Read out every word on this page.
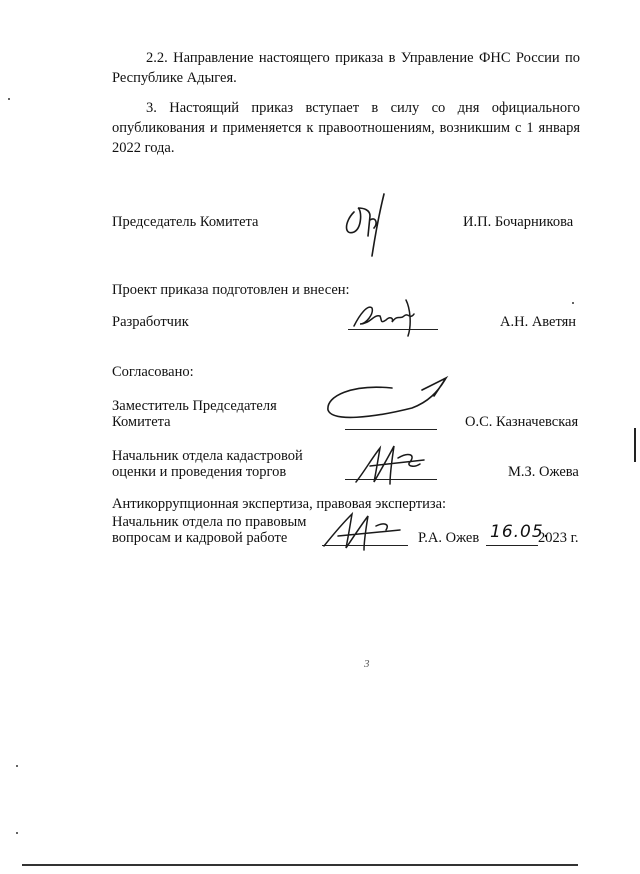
2.2. Направление настоящего приказа в Управление ФНС России по Республике Адыгея.
3. Настоящий приказ вступает в силу со дня официального опубликования и применяется к правоотношениям, возникшим с 1 января 2022 года.
Председатель Комитета	И.П. Бочарникова
Проект приказа подготовлен и внесен:
Разработчик	А.Н. Аветян
Согласовано:
Заместитель Председателя
Комитета	О.С. Казначевская
Начальник отдела кадастровой
оценки и проведения торгов	М.З. Ожева
Антикоррупционная экспертиза, правовая экспертиза:
Начальник отдела по правовым
вопросам и кадровой работе	Р.А. Ожев 16.05.
2023 г.
3
